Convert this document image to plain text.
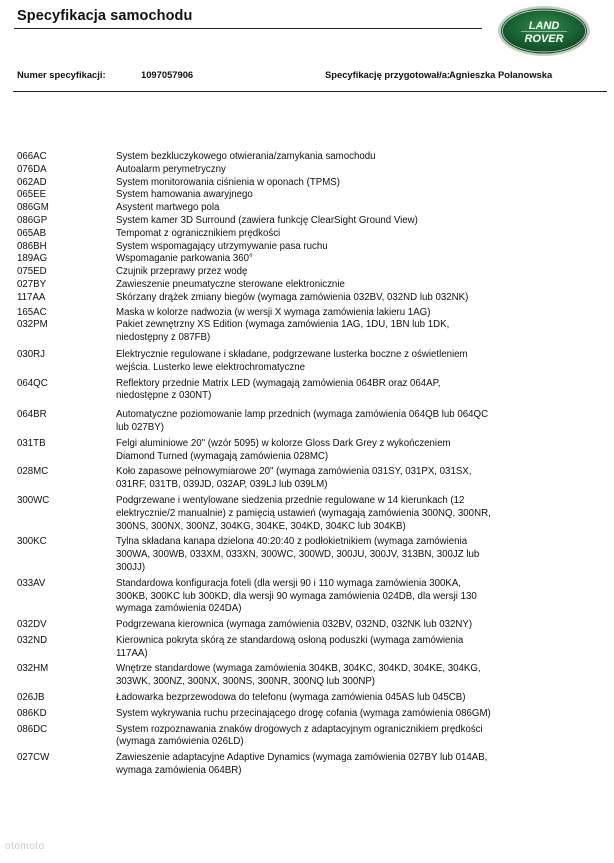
Specyfikacja samochodu
LAND
ROVER
Numer specyfikacji:	1097057906	Specyfikację przygotował/a:
Agnieszka Polanowska
066AC	System bezkluczykowego otwierania/zamykania samochodu
076DA	Autoalarm perymetryczny
062AD	System monitorowania ciśnienia w oponach (TPMS)
065EE	System hamowania awaryjnego
086GM	Asystent martwego pola
086GP	System kamer 3D Surround (zawiera funkcję ClearSight Ground View)
065AB	Tempomat z ogranicznikiem prędkości
086BH	System wspomagający utrzymywanie pasa ruchu
189AG	Wspomaganie parkowania 360°
075ED	Czujnik przeprawy przez wodę
027BY	Zawieszenie pneumatyczne sterowane elektronicznie
117AA	Skórzany drążek zmiany biegów (wymaga zamówienia 032BV, 032ND lub 032NK)
165AC	Maska w kolorze nadwozia (w wersji X wymaga zamówienia lakieru 1AG)
032PM	Pakiet zewnętrzny XS Edition (wymaga zamówienia 1AG, 1DU, 1BN lub 1DK, niedostępny z 087FB)
030RJ	Elektrycznie regulowane i składane, podgrzewane lusterka boczne z oświetleniem wejścia. Lusterko lewe elektrochromatyczne
064QC	Reflektory przednie Matrix LED (wymagają zamówienia 064BR oraz 064AP, niedostępne z 030NT)
064BR	Automatyczne poziomowanie lamp przednich (wymaga zamówienia 064QB lub 064QC lub 027BY)
031TB	Felgi aluminiowe 20" (wzór 5095) w kolorze Gloss Dark Grey z wykończeniem Diamond Turned (wymagają zamówienia 028MC)
028MC	Koło zapasowe pełnowymiarowe 20" (wymaga zamówienia 031SY, 031PX, 031SX, 031RF, 031TB, 039JD, 032AP, 039LJ lub 039LM)
300WC	Podgrzewane i wentylowane siedzenia przednie regulowane w 14 kierunkach (12 elektrycznie/2 manualnie) z pamięcią ustawień (wymagają zamówienia 300NQ, 300NR, 300NS, 300NX, 300NZ, 304KG, 304KE, 304KD, 304KC lub 304KB)
300KC	Tylna składana kanapa dzielona 40:20:40 z podłokietnikiem (wymaga zamówienia 300WA, 300WB, 033XM, 033XN, 300WC, 300WD, 300JU, 300JV, 313BN, 300JZ lub 300JJ)
033AV	Standardowa konfiguracja foteli (dla wersji 90 i 110 wymaga zamówienia 300KA, 300KB, 300KC lub 300KD, dla wersji 90 wymaga zamówienia 024DB, dla wersji 130 wymaga zamówienia 024DA)
032DV	Podgrzewana kierownica (wymaga zamówienia 032BV, 032ND, 032NK lub 032NY)
032ND	Kierownica pokryta skórą ze standardową osłoną poduszki (wymaga zamówienia 117AA)
032HM	Wnętrze standardowe (wymaga zamówienia 304KB, 304KC, 304KD, 304KE, 304KG, 303WK, 300NZ, 300NX, 300NS, 300NR, 300NQ lub 300NP)
026JB	Ładowarka bezprzewodowa do telefonu (wymaga zamówienia 045AS lub 045CB)
086KD	System wykrywania ruchu przecinającego drogę cofania (wymaga zamówienia 086GM)
086DC	System rozpoznawania znaków drogowych z adaptacyjnym ogranicznikiem prędkości (wymaga zamówienia 026LD)
027CW	Zawieszenie adaptacyjne Adaptive Dynamics (wymaga zamówienia 027BY lub 014AB, wymaga zamówienia 064BR)
otomoto
